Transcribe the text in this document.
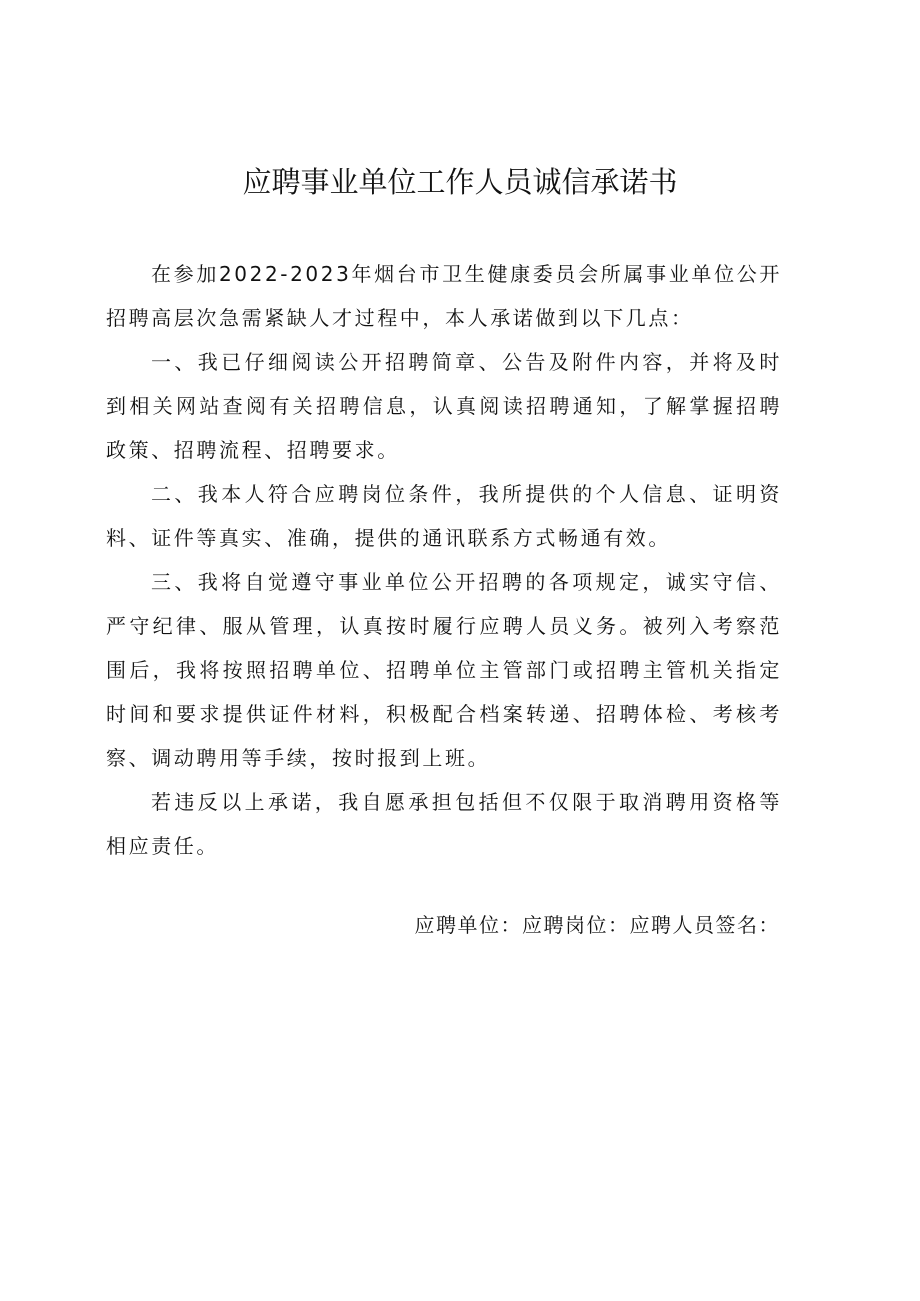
应聘事业单位工作人员诚信承诺书

在参加2022-2023年烟台市卫生健康委员会所属事业单位公开招聘高层次急需紧缺人才过程中，本人承诺做到以下几点：

一、我已仔细阅读公开招聘简章、公告及附件内容，并将及时到相关网站查阅有关招聘信息，认真阅读招聘通知，了解掌握招聘政策、招聘流程、招聘要求。

二、我本人符合应聘岗位条件，我所提供的个人信息、证明资料、证件等真实、准确，提供的通讯联系方式畅通有效。

三、我将自觉遵守事业单位公开招聘的各项规定，诚实守信、严守纪律、服从管理，认真按时履行应聘人员义务。被列入考察范围后，我将按照招聘单位、招聘单位主管部门或招聘主管机关指定时间和要求提供证件材料，积极配合档案转递、招聘体检、考核考察、调动聘用等手续，按时报到上班。

若违反以上承诺，我自愿承担包括但不仅限于取消聘用资格等相应责任。

应聘单位：应聘岗位：应聘人员签名：
